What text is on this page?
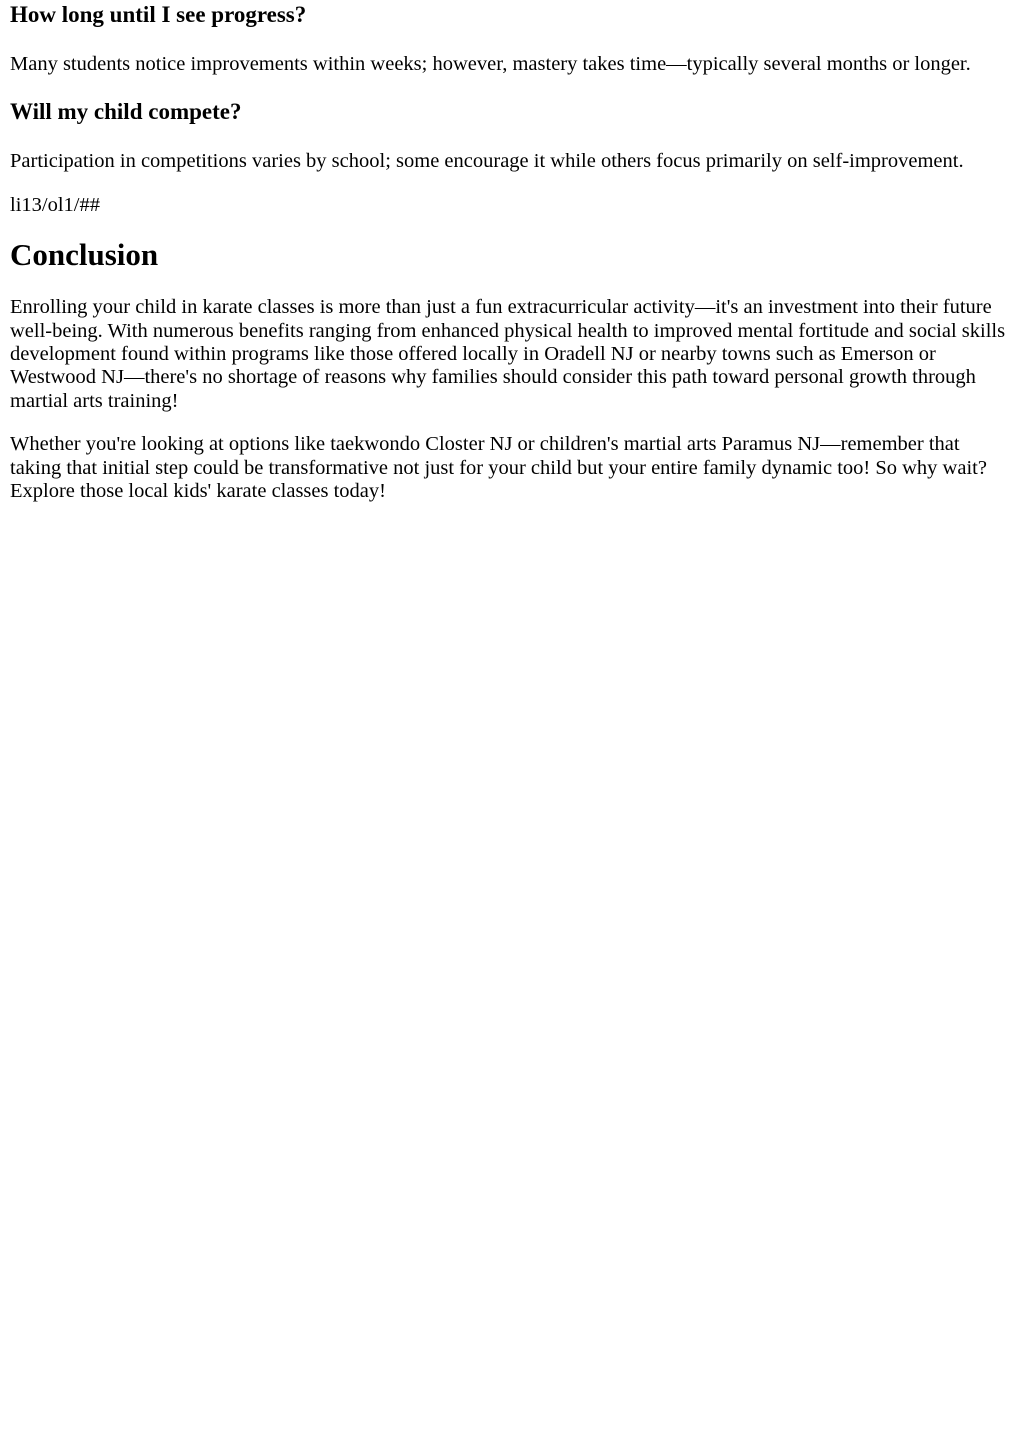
How long until I see progress?

Many students notice improvements within weeks; however, mastery takes time—typically several months or longer.

Will my child compete?

Participation in competitions varies by school; some encourage it while others focus primarily on self-improvement.

li13/ol1/##

Conclusion

Enrolling your child in karate classes is more than just a fun extracurricular activity—it's an investment into their future well-being. With numerous benefits ranging from enhanced physical health to improved mental fortitude and social skills development found within programs like those offered locally in Oradell NJ or nearby towns such as Emerson or Westwood NJ—there's no shortage of reasons why families should consider this path toward personal growth through martial arts training!

Whether you're looking at options like taekwondo Closter NJ or children's martial arts Paramus NJ—remember that taking that initial step could be transformative not just for your child but your entire family dynamic too! So why wait? Explore those local kids' karate classes today!
